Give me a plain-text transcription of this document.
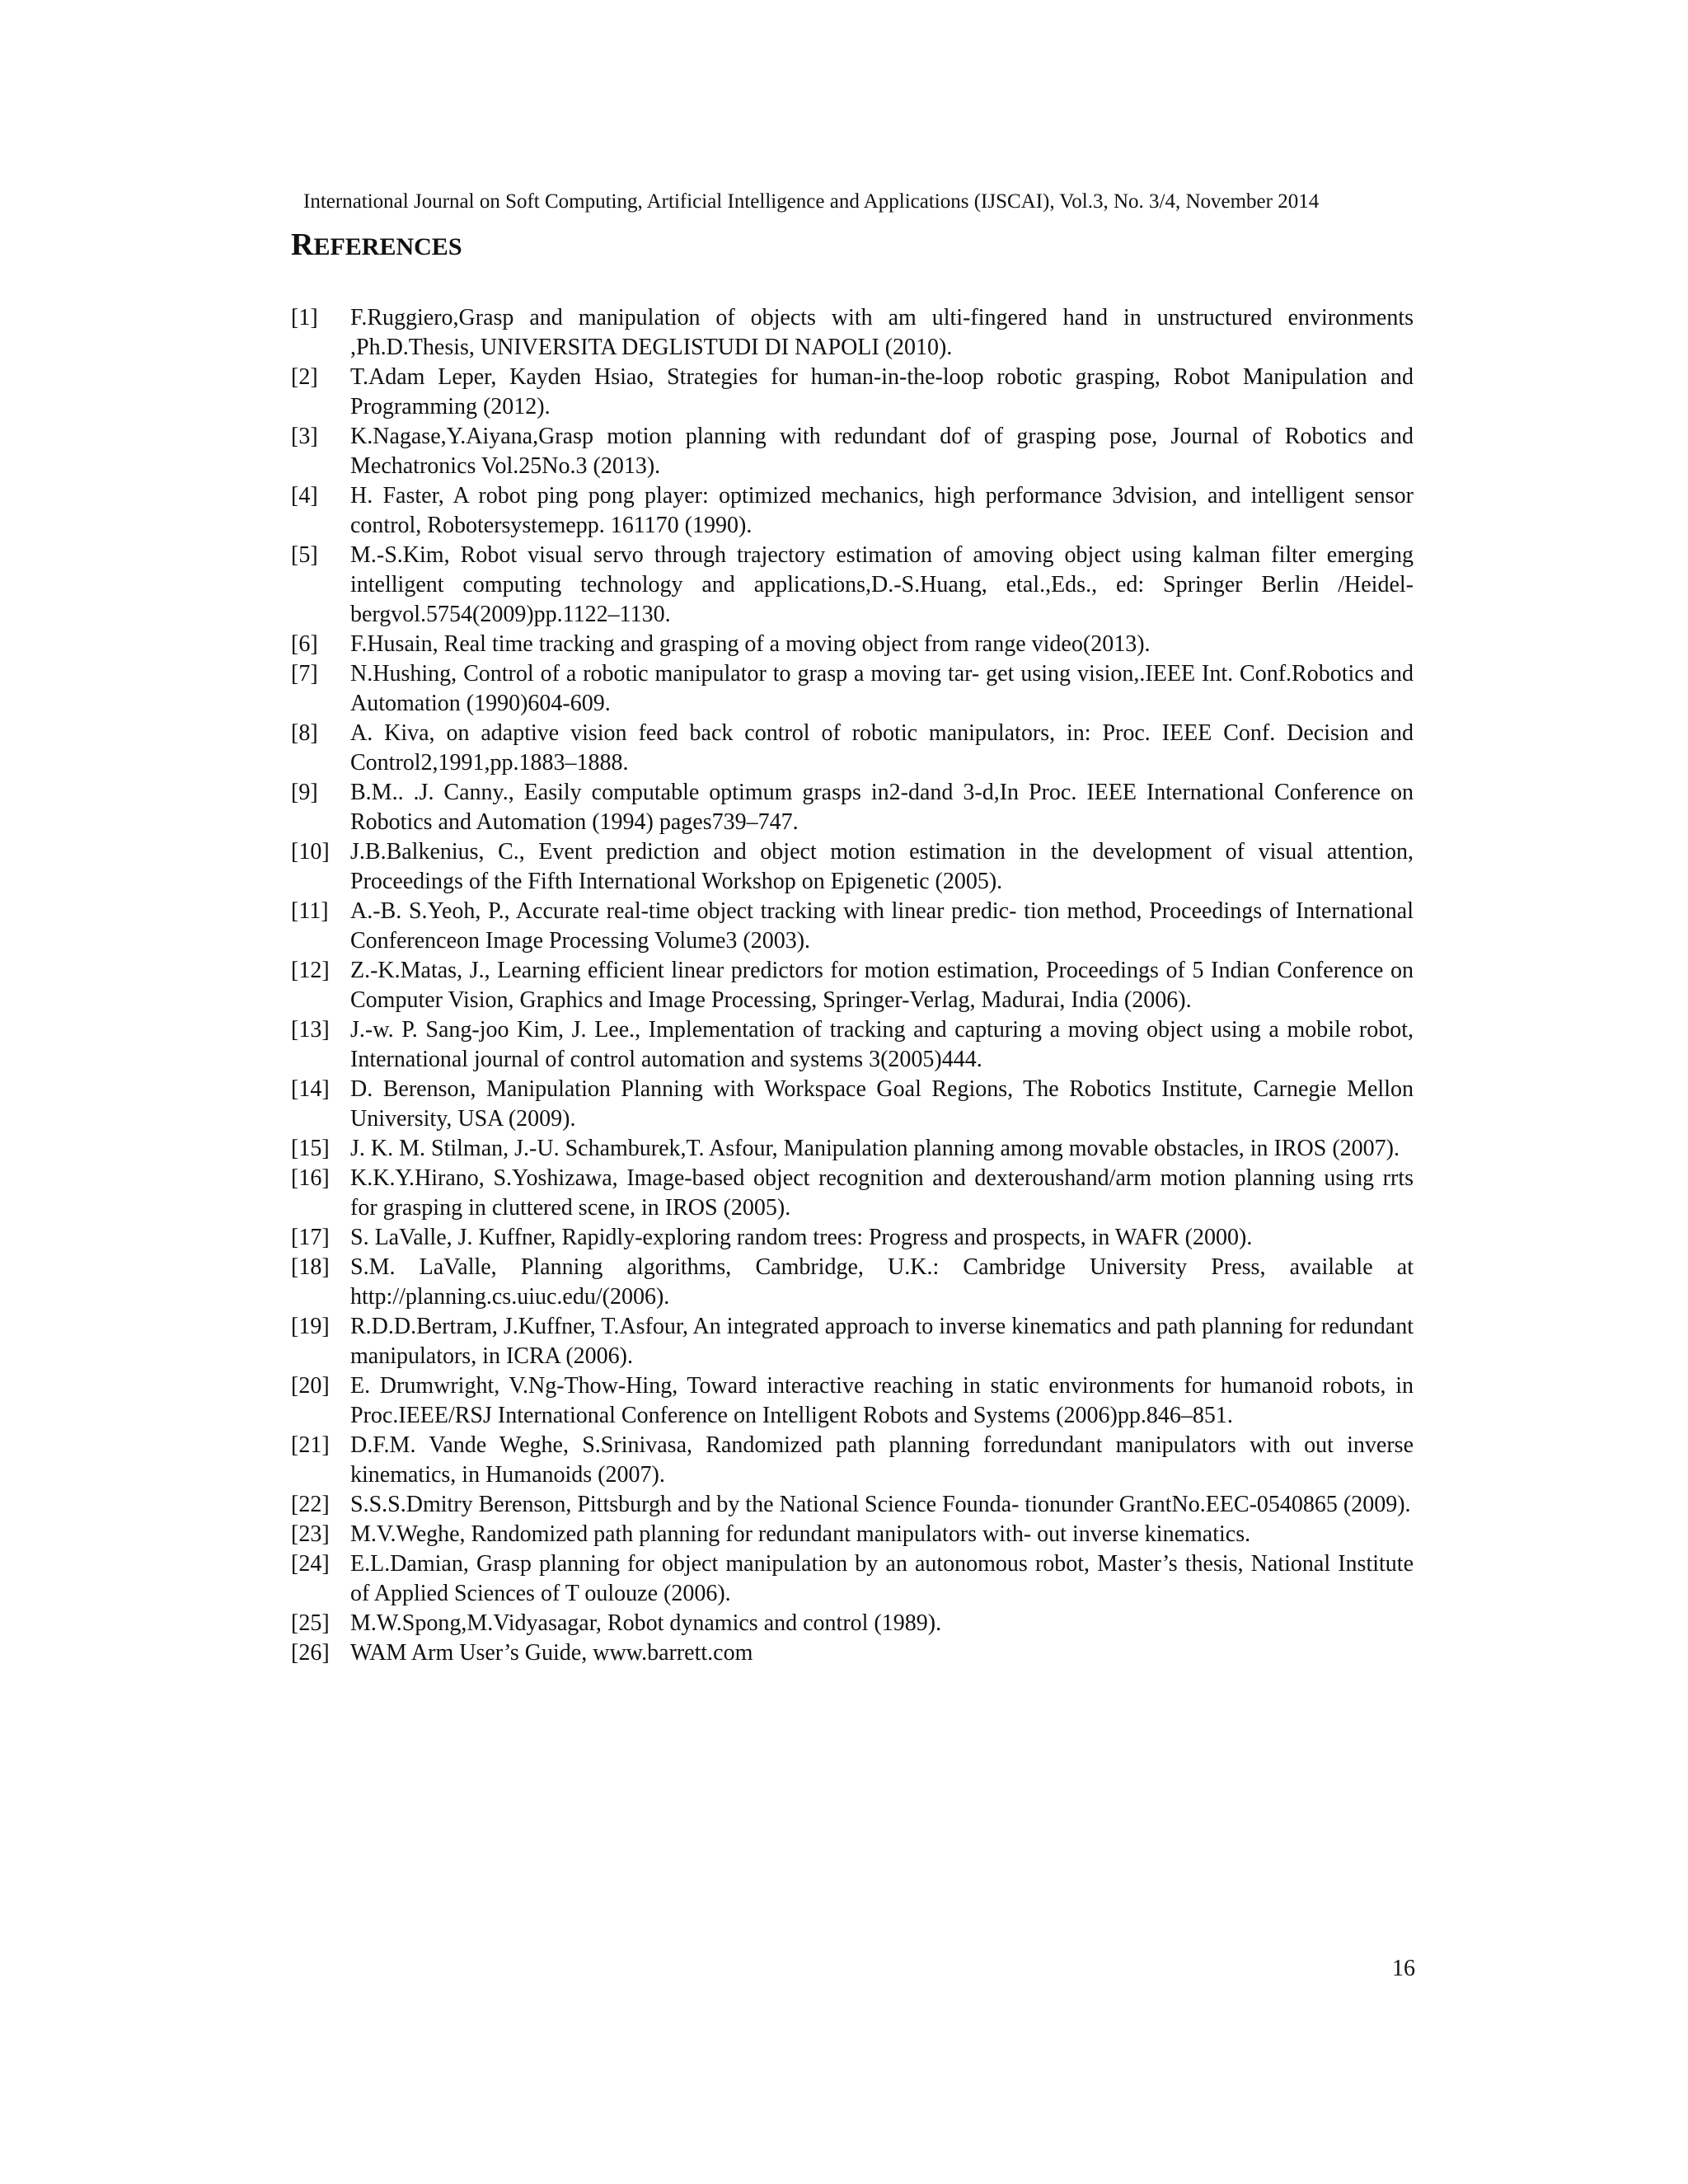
International Journal on Soft Computing, Artificial Intelligence and Applications (IJSCAI), Vol.3, No. 3/4, November 2014
REFERENCES
[1] F.Ruggiero,Grasp and manipulation of objects with am ulti-fingered hand in unstructured environments ,Ph.D.Thesis, UNIVERSITA DEGLISTUDI DI NAPOLI (2010).
[2] T.Adam Leper, Kayden Hsiao, Strategies for human-in-the-loop robotic grasping, Robot Manipulation and Programming (2012).
[3] K.Nagase,Y.Aiyana,Grasp motion planning with redundant dof of grasping pose, Journal of Robotics and Mechatronics Vol.25No.3 (2013).
[4] H. Faster, A robot ping pong player: optimized mechanics, high performance 3dvision, and intelligent sensor control, Robotersystemepp. 161170 (1990).
[5] M.-S.Kim, Robot visual servo through trajectory estimation of amoving object using kalman filter emerging intelligent computing technology and applications,D.-S.Huang, etal.,Eds., ed: Springer Berlin /Heidel- bergvol.5754(2009)pp.1122–1130.
[6] F.Husain, Real time tracking and grasping of a moving object from range video(2013).
[7] N.Hushing, Control of a robotic manipulator to grasp a moving tar- get using vision,.IEEE Int. Conf.Robotics and Automation (1990)604-609.
[8] A. Kiva, on adaptive vision feed back control of robotic manipulators, in: Proc. IEEE Conf. Decision and Control2,1991,pp.1883–1888.
[9] B.M.. .J. Canny., Easily computable optimum grasps in2-dand 3-d,In Proc. IEEE International Conference on Robotics and Automation (1994) pages739–747.
[10] J.B.Balkenius, C., Event prediction and object motion estimation in the development of visual attention, Proceedings of the Fifth International Workshop on Epigenetic (2005).
[11] A.-B. S.Yeoh, P., Accurate real-time object tracking with linear predic- tion method, Proceedings of International Conferenceon Image Processing Volume3 (2003).
[12] Z.-K.Matas, J., Learning efficient linear predictors for motion estimation, Proceedings of 5 Indian Conference on Computer Vision, Graphics and Image Processing, Springer-Verlag, Madurai, India (2006).
[13] J.-w. P. Sang-joo Kim, J. Lee., Implementation of tracking and capturing a moving object using a mobile robot, International journal of control automation and systems 3(2005)444.
[14] D. Berenson, Manipulation Planning with Workspace Goal Regions, The Robotics Institute, Carnegie Mellon University, USA (2009).
[15] J. K. M. Stilman, J.-U. Schamburek,T. Asfour, Manipulation planning among movable obstacles, in IROS (2007).
[16] K.K.Y.Hirano, S.Yoshizawa, Image-based object recognition and dexteroushand/arm motion planning using rrts for grasping in cluttered scene, in IROS (2005).
[17] S. LaValle, J. Kuffner, Rapidly-exploring random trees: Progress and prospects, in WAFR (2000).
[18] S.M. LaValle, Planning algorithms, Cambridge, U.K.: Cambridge University Press, available at http://planning.cs.uiuc.edu/(2006).
[19] R.D.D.Bertram, J.Kuffner, T.Asfour, An integrated approach to inverse kinematics and path planning for redundant manipulators, in ICRA (2006).
[20] E. Drumwright, V.Ng-Thow-Hing, Toward interactive reaching in static environments for humanoid robots, in Proc.IEEE/RSJ International Conference on Intelligent Robots and Systems (2006)pp.846–851.
[21] D.F.M. Vande Weghe, S.Srinivasa, Randomized path planning forredundant manipulators with out inverse kinematics, in Humanoids (2007).
[22] S.S.S.Dmitry Berenson, Pittsburgh and by the National Science Founda- tionunder GrantNo.EEC-0540865 (2009).
[23] M.V.Weghe, Randomized path planning for redundant manipulators with- out inverse kinematics.
[24] E.L.Damian, Grasp planning for object manipulation by an autonomous robot, Master’s thesis, National Institute of Applied Sciences of T oulouze (2006).
[25] M.W.Spong,M.Vidyasagar, Robot dynamics and control (1989).
[26] WAM Arm User’s Guide, www.barrett.com
16
